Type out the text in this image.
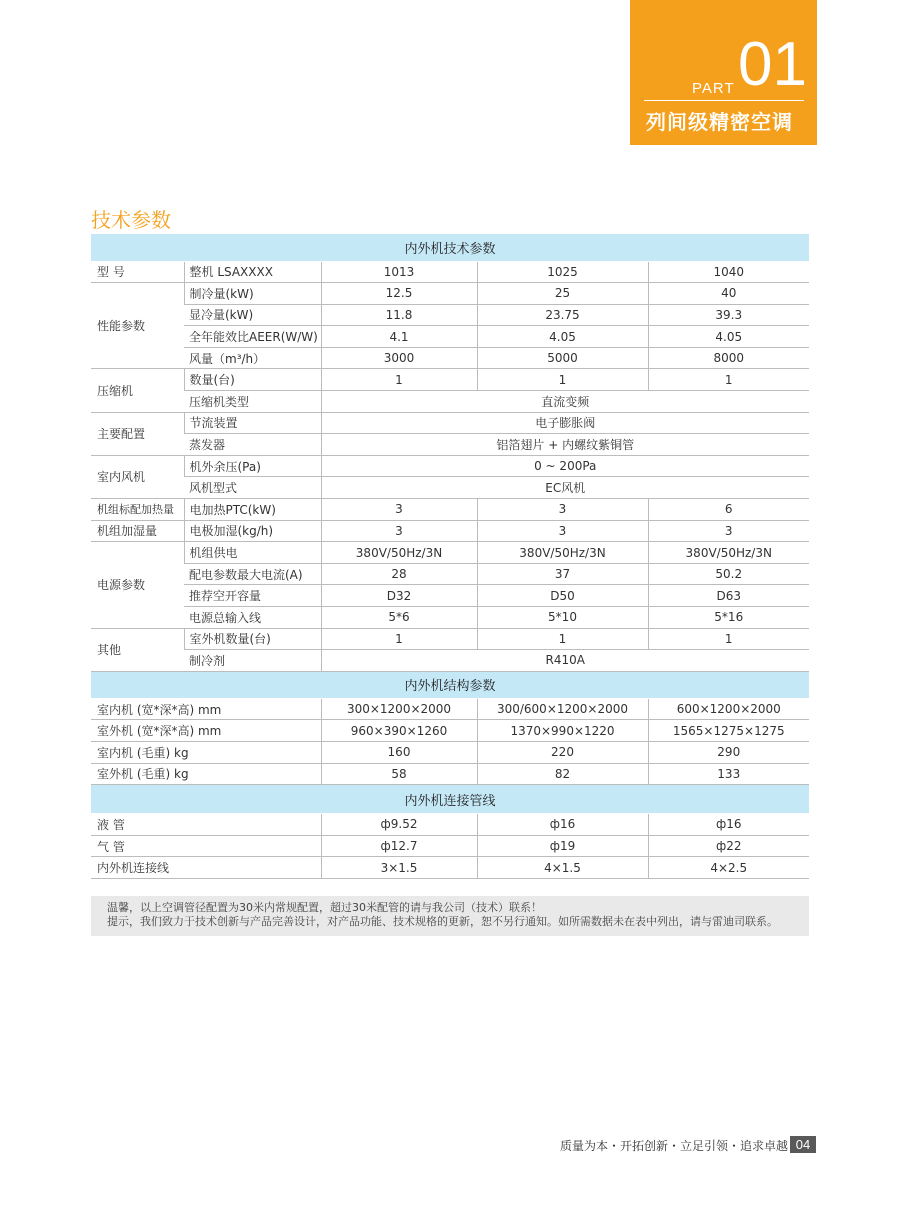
PART 01
列间级精密空调
技术参数
内外机技术参数				
型 号	整机 LSAXXXX	1013	1025	1040
性能参数	制冷量(kW)	12.5	25	40
	显冷量(kW)	11.8	23.75	39.3
	全年能效比AEER(W/W)	4.1	4.05	4.05
	风量（m³/h）	3000	5000	8000
压缩机	数量(台)	1	1	1
	压缩机类型	直流变频		
主要配置	节流装置	电子膨胀阀		
	蒸发器	铝箔翅片 + 内螺纹紫铜管		
室内风机	机外余压(Pa)	0 ~ 200Pa		
	风机型式	EC风机		
机组标配加热量	电加热PTC(kW)	3	3	6
机组加湿量	电极加湿(kg/h)	3	3	3
电源参数	机组供电	380V/50Hz/3N	380V/50Hz/3N	380V/50Hz/3N
	配电参数最大电流(A)	28	37	50.2
	推荐空开容量	D32	D50	D63
	电源总输入线	5*6	5*10	5*16
其他	室外机数量(台)	1	1	1
	制冷剂	R410A		
内外机结构参数				
室内机 (宽*深*高) mm		300×1200×2000	300/600×1200×2000	600×1200×2000
室外机 (宽*深*高) mm		960×390×1260	1370×990×1220	1565×1275×1275
室内机 (毛重) kg		160	220	290
室外机 (毛重) kg		58	82	133
内外机连接管线				
液 管		ф9.52	ф16	ф16
气 管		ф12.7	ф19	ф22
内外机连接线		3×1.5	4×1.5	4×2.5
温馨，以上空调管径配置为30米内常规配置，超过30米配管的请与我公司（技术）联系！
提示，我们致力于技术创新与产品完善设计，对产品功能、技术规格的更新，恕不另行通知。如所需数据未在表中列出，请与雷迪司联系。
质量为本・开拓创新・立足引领・追求卓越 04
